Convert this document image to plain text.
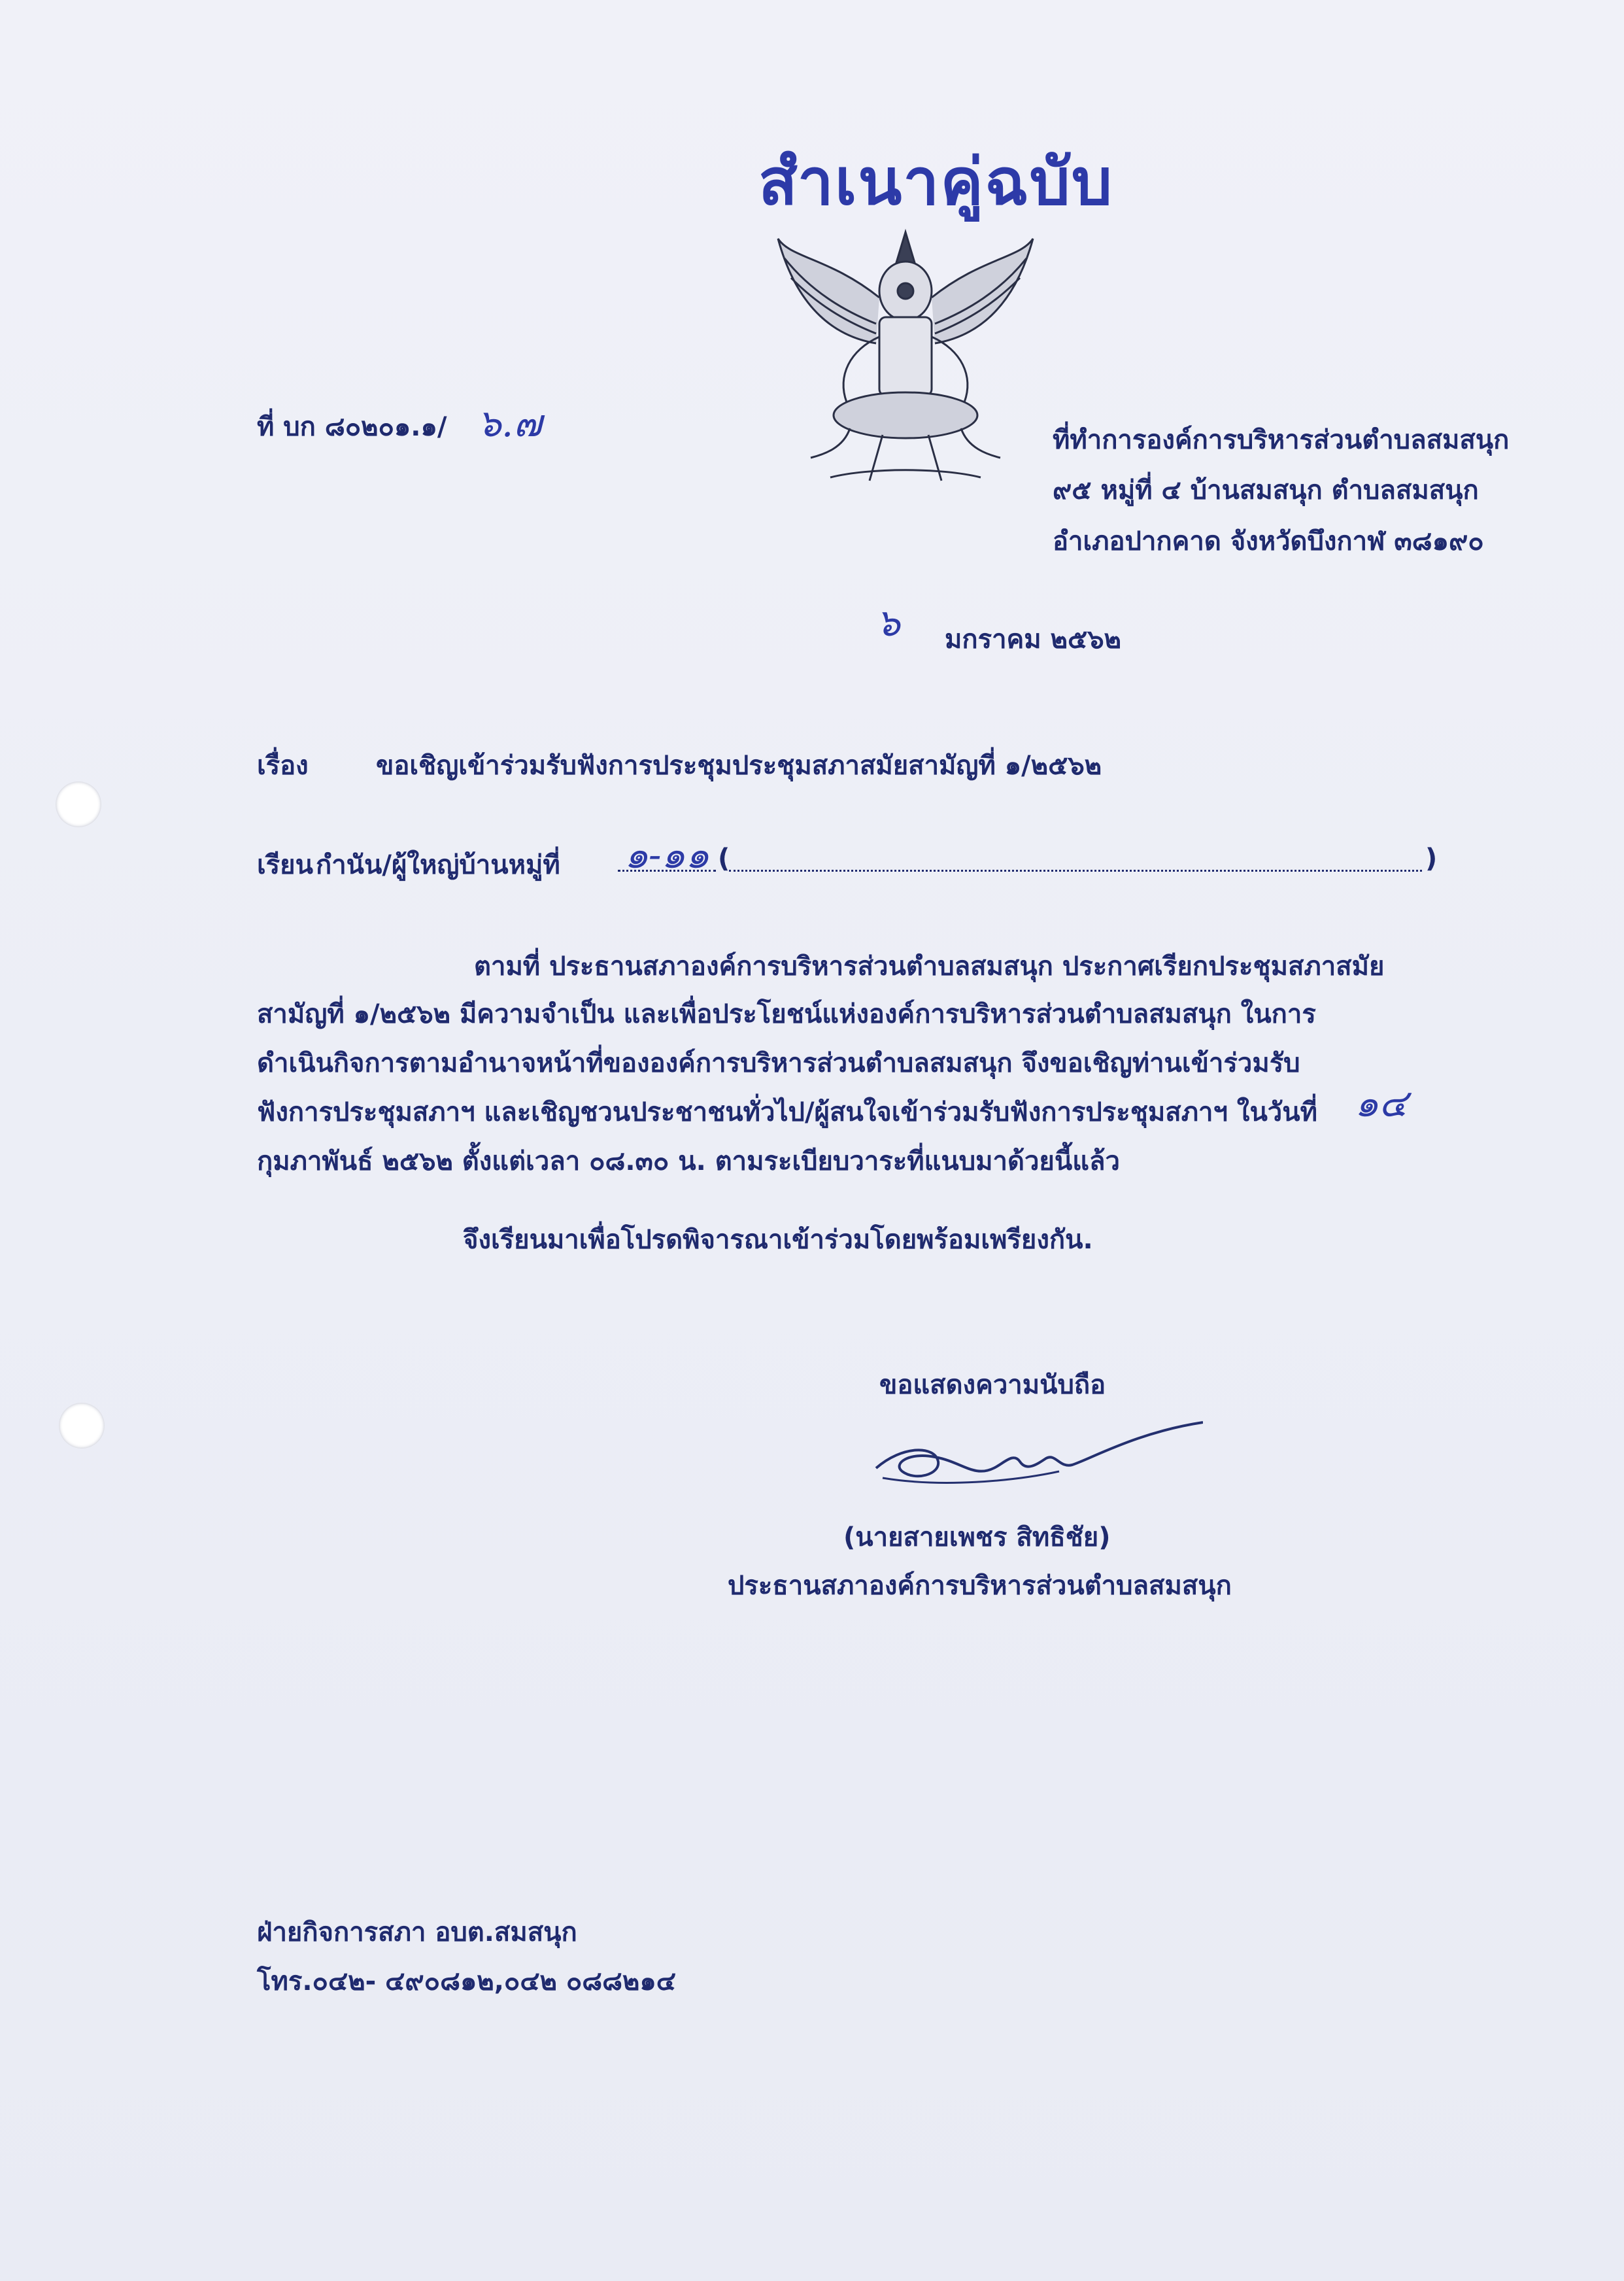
สำเนาคู่ฉบับ
ที่ บก ๘๐๒๐๑.๑/ ๖.๗	ที่ทำการองค์การบริหารส่วนตำบลสมสนุก
๙๕ หมู่ที่ ๔ บ้านสมสนุก ตำบลสมสนุก
อำเภอปากคาด จังหวัดบึงกาฬ ๓๘๑๙๐
๖ มกราคม ๒๕๖๒
เรื่อง	ขอเชิญเข้าร่วมรับฟังการประชุมประชุมสภาสมัยสามัญที่ ๑/๒๕๖๒
เรียน กำนัน/ผู้ใหญ่บ้านหมู่ที่ ๑-๑๑ (	)
ตามที่ ประธานสภาองค์การบริหารส่วนตำบลสมสนุก ประกาศเรียกประชุมสภาสมัย
สามัญที่ ๑/๒๕๖๒ มีความจำเป็น และเพื่อประโยชน์แห่งองค์การบริหารส่วนตำบลสมสนุก ในการ
ดำเนินกิจการตามอำนาจหน้าที่ขององค์การบริหารส่วนตำบลสมสนุก จึงขอเชิญท่านเข้าร่วมรับ
ฟังการประชุมสภาฯ และเชิญชวนประชาชนทั่วไป/ผู้สนใจเข้าร่วมรับฟังการประชุมสภาฯ ในวันที่ ๑๔
กุมภาพันธ์ ๒๕๖๒ ตั้งแต่เวลา ๐๘.๓๐ น. ตามระเบียบวาระที่แนบมาด้วยนี้แล้ว
จึงเรียนมาเพื่อโปรดพิจารณาเข้าร่วมโดยพร้อมเพรียงกัน.
ขอแสดงความนับถือ
(นายสายเพชร สิทธิชัย)
ประธานสภาองค์การบริหารส่วนตำบลสมสนุก
ฝ่ายกิจการสภา อบต.สมสนุก
โทร.๐๔๒- ๔๙๐๘๑๒,๐๔๒ ๐๘๘๒๑๔
